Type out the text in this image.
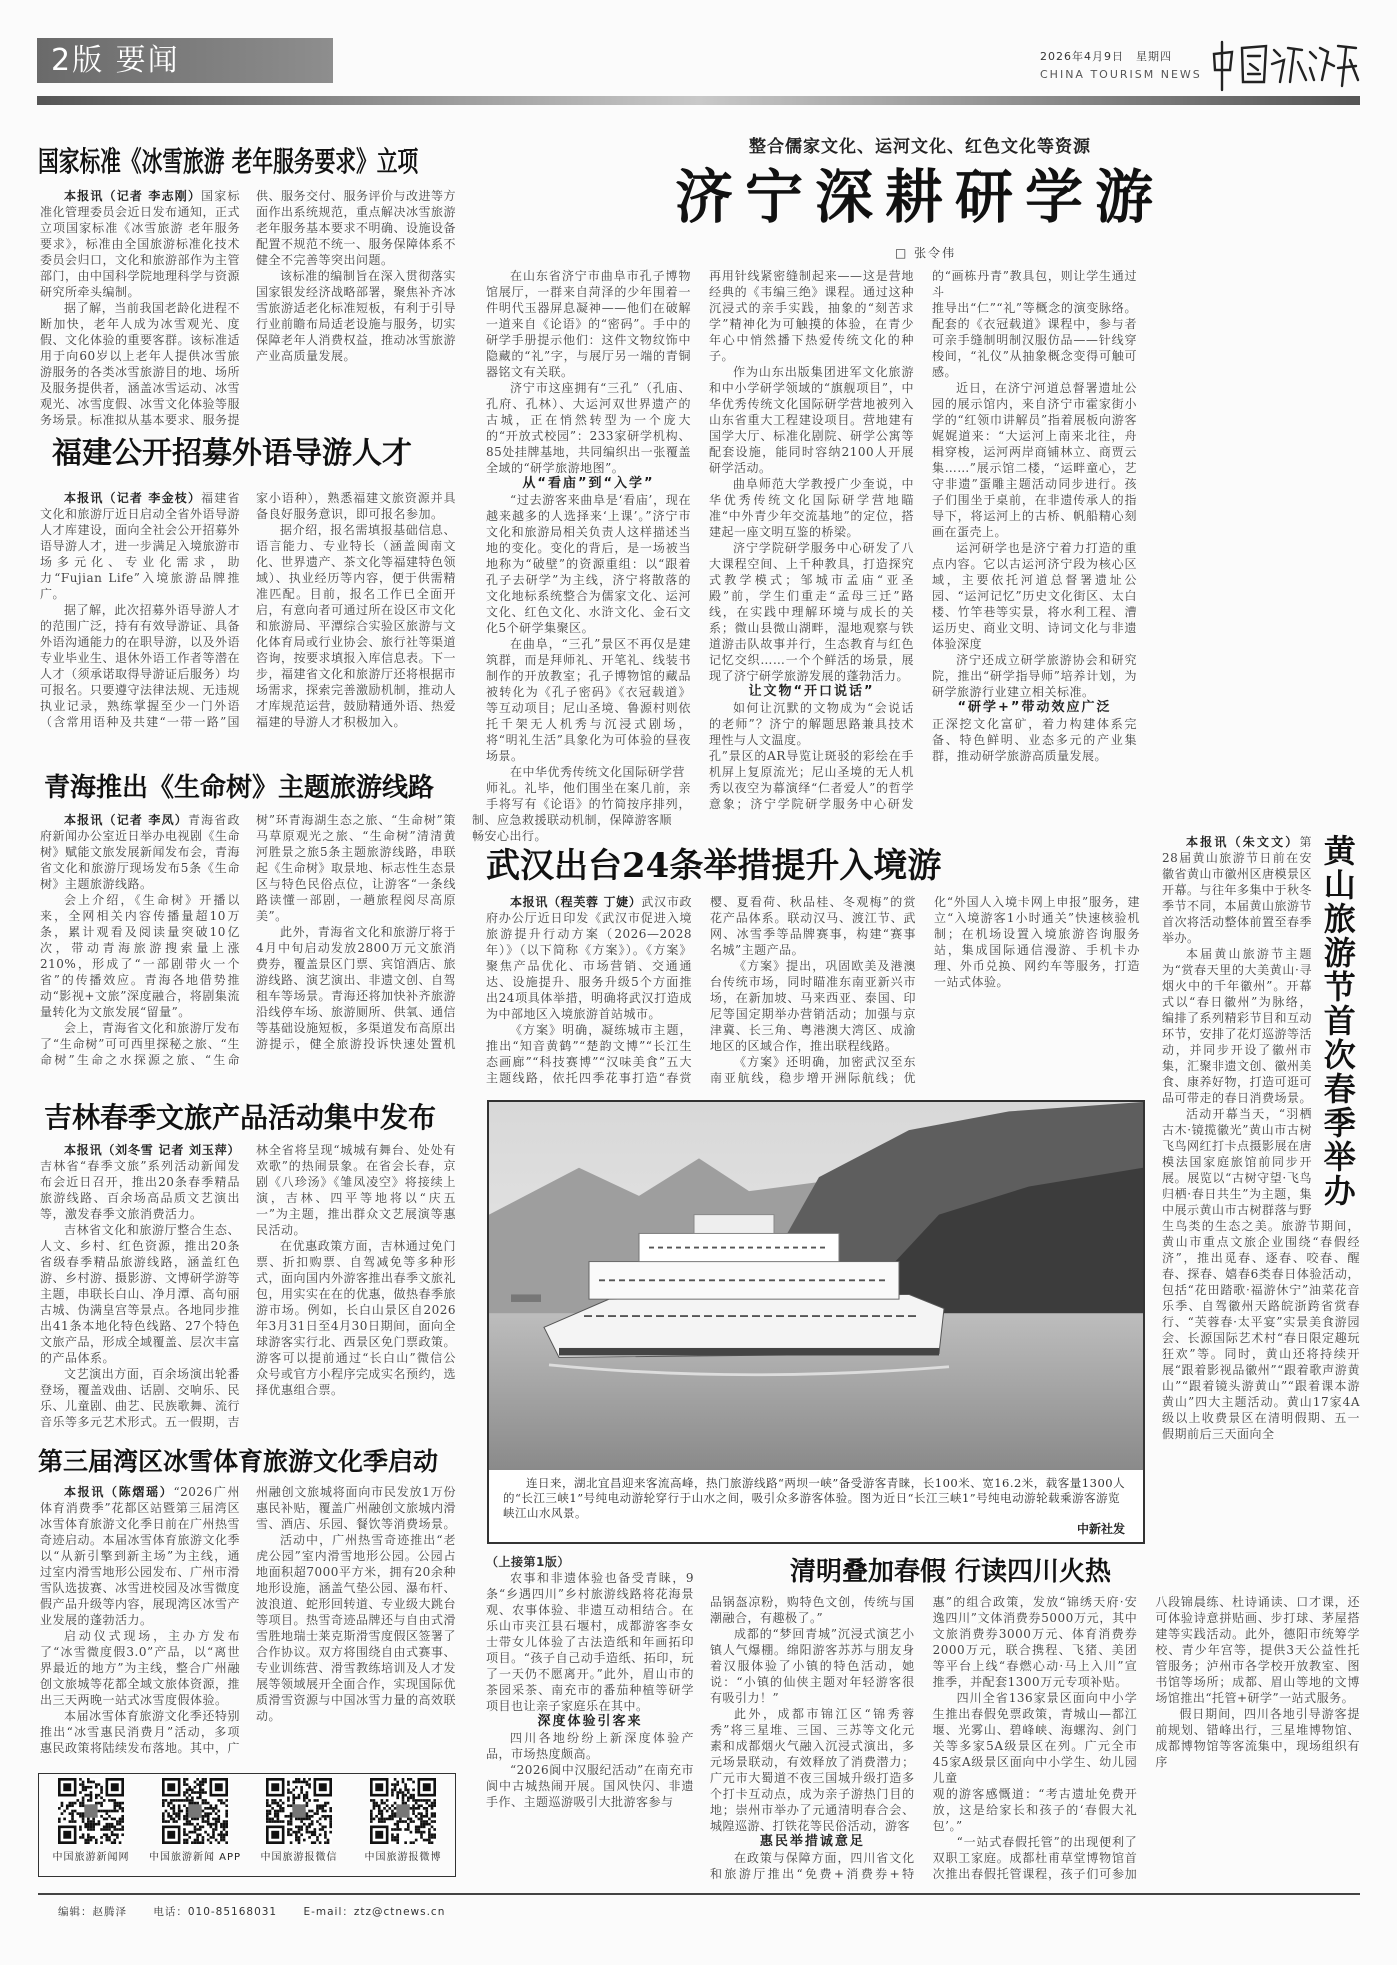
2版 要闻	2026年4月9日　星期四
CHINA TOURISM NEWS
国家标准《冰雪旅游 老年服务要求》立项

本报讯（记者 李志刚）国家标准化管理委员会近日发布通知，正式立项国家标准《冰雪旅游 老年服务要求》，标准由全国旅游标准化技术委员会归口，文化和旅游部作为主管部门，由中国科学院地理科学与资源研究所牵头编制。

据了解，当前我国老龄化进程不断加快，老年人成为冰雪观光、度假、文化体验的重要客群。该标准适用于向60岁以上老年人提供冰雪旅游服务的各类冰雪旅游目的地、场所及服务提供者，涵盖冰雪运动、冰雪观光、冰雪度假、冰雪文化体验等服务场景。标准拟从基本要求、服务提供、服务交付、服务评价与改进等方面作出系统规范，重点解决冰雪旅游老年服务基本要求不明确、设施设备配置不规范不统一、服务保障体系不健全不完善等突出问题。

该标准的编制旨在深入贯彻落实国家银发经济战略部署，聚焦补齐冰雪旅游适老化标准短板，有利于引导行业前瞻布局适老设施与服务，切实保障老年人消费权益，推动冰雪旅游产业高质量发展。

福建公开招募外语导游人才

本报讯（记者 李金枝）福建省文化和旅游厅近日启动全省外语导游人才库建设，面向全社会公开招募外语导游人才，进一步满足入境旅游市场多元化、专业化需求，助力“Fujian Life”入境旅游品牌推广。

据了解，此次招募外语导游人才的范围广泛，持有有效导游证、具备外语沟通能力的在职导游，以及外语专业毕业生、退休外语工作者等潜在人才（须承诺取得导游证后服务）均可报名。只要遵守法律法规、无违规执业记录，熟练掌握至少一门外语（含常用语种及共建“一带一路”国家小语种），熟悉福建文旅资源并具备良好服务意识，即可报名参加。

据介绍，报名需填报基础信息、语言能力、专业特长（涵盖闽南文化、世界遗产、茶文化等福建特色领域）、执业经历等内容，便于供需精准匹配。目前，报名工作已全面开启，有意向者可通过所在设区市文化和旅游局、平潭综合实验区旅游与文化体育局或行业协会、旅行社等渠道咨询，按要求填报入库信息表。下一步，福建省文化和旅游厅还将根据市场需求，探索完善激励机制，推动人才库规范运营，鼓励精通外语、热爱福建的导游人才积极加入。

青海推出《生命树》主题旅游线路

本报讯（记者 李凤）青海省政府新闻办公室近日举办电视剧《生命树》赋能文旅发展新闻发布会，青海省文化和旅游厅现场发布5条《生命树》主题旅游线路。

会上介绍，《生命树》开播以来，全网相关内容传播量超10万条，累计观看及阅读量突破10亿次，带动青海旅游搜索量上涨210%，形成了“一部剧带火一个省”的传播效应。青海各地借势推动“影视+文旅”深度融合，将剧集流量转化为文旅发展“留量”。

会上，青海省文化和旅游厅发布了“生命树”可可西里探秘之旅、“生命树”生命之水探源之旅、“生命树”环青海湖生态之旅、“生命树”策马草原观光之旅、“生命树”清清黄河胜景之旅5条主题旅游线路，串联起《生命树》取景地、标志性生态景区与特色民俗点位，让游客“一条线路读懂一部剧，一趟旅程阅尽高原美”。

此外，青海省文化和旅游厅将于4月中旬启动发放2800万元文旅消费券，覆盖景区门票、宾馆酒店、旅游线路、演艺演出、非遗文创、自驾租车等场景。青海还将加快补齐旅游沿线停车场、旅游厕所、供氧、通信等基础设施短板，多渠道发布高原出游提示，健全旅游投诉快速处置机制、应急救援联动机制，保障游客顺畅安心出行。

吉林春季文旅产品活动集中发布

本报讯（刘冬雪 记者 刘玉萍）吉林省“春季文旅”系列活动新闻发布会近日召开，推出20条春季精品旅游线路、百余场高品质文艺演出等，激发春季文旅消费活力。

吉林省文化和旅游厅整合生态、人文、乡村、红色资源，推出20条省级春季精品旅游线路，涵盖红色游、乡村游、摄影游、文博研学游等主题，串联长白山、净月潭、高句丽古城、伪满皇宫等景点。各地同步推出41条本地化特色线路、27个特色文旅产品，形成全域覆盖、层次丰富的产品体系。

文艺演出方面，百余场演出轮番登场，覆盖戏曲、话剧、交响乐、民乐、儿童剧、曲艺、民族歌舞、流行音乐等多元艺术形式。五一假期，吉林全省将呈现“城城有舞台、处处有欢歌”的热闹景象。在省会长春，京剧《八珍汤》《雏凤凌空》将接续上演，吉林、四平等地将以“庆五一”为主题，推出群众文艺展演等惠民活动。

在优惠政策方面，吉林通过免门票、折扣购票、自驾减免等多种形式，面向国内外游客推出春季文旅礼包，用实实在在的优惠，做热春季旅游市场。例如，长白山景区自2026年3月31日至4月30日期间，面向全球游客实行北、西景区免门票政策。游客可以提前通过“长白山”微信公众号或官方小程序完成实名预约，选择优惠组合票。

第三届湾区冰雪体育旅游文化季启动

本报讯（陈熠瑶）“2026广州体育消费季”花都区站暨第三届湾区冰雪体育旅游文化季日前在广州热雪奇迹启动。本届冰雪体育旅游文化季以“从新引擎到新主场”为主线，通过室内滑雪地形公园发布、广州市滑雪队选拔赛、冰雪进校园及冰雪微度假产品升级等内容，展现湾区冰雪产业发展的蓬勃活力。

启动仪式现场，主办方发布了“冰雪微度假3.0”产品，以“离世界最近的地方”为主线，整合广州融创文旅城等花都全域文旅体资源，推出三天两晚一站式冰雪度假体验。

本届冰雪体育旅游文化季还特别推出“冰雪惠民消费月”活动，多项惠民政策将陆续发布落地。其中，广州融创文旅城将面向市民发放1万份惠民补贴，覆盖广州融创文旅城内滑雪、酒店、乐园、餐饮等消费场景。

活动中，广州热雪奇迹推出“老虎公园”室内滑雪地形公园。公园占地面积超7000平方米，拥有20余种地形设施，涵盖气垫公园、瀑布杆、波浪道、蛇形回转道、专业级大跳台等项目。热雪奇迹品牌还与自由式滑雪胜地瑞士莱克斯滑雪度假区签署了合作协议。双方将围绕自由式赛事、专业训练营、滑雪教练培训及人才发展等领域展开全面合作，实现国际优质滑雪资源与中国冰雪力量的高效联动。

中国旅游新闻网 中国旅游新闻 APP 中国旅游报微信	中国旅游报微博
整合儒家文化、运河文化、红色文化等资源
济宁深耕研学游
□ 张令伟

在山东省济宁市曲阜市孔子博物馆展厅，一群来自菏泽的少年围着一件明代玉器屏息凝神——他们在破解一道来自《论语》的“密码”。手中的研学手册提示他们：这件文物纹饰中隐藏的“礼”字，与展厅另一端的青铜器铭文有关联。

济宁市这座拥有“三孔”（孔庙、孔府、孔林）、大运河双世界遗产的古城，正在悄然转型为一个庞大的“开放式校园”：233家研学机构、85处挂牌基地，共同编织出一张覆盖全域的“研学旅游地图”。

从“看庙”到“入学”

“过去游客来曲阜是‘看庙’，现在越来越多的人选择来‘上课’。”济宁市文化和旅游局相关负责人这样描述当地的变化。变化的背后，是一场被当地称为“破壁”的资源重组：以“跟着孔子去研学”为主线，济宁将散落的文化地标系统整合为儒家文化、运河文化、红色文化、水浒文化、金石文化5个研学集聚区。

在曲阜，“三孔”景区不再仅是建筑群，而是拜师礼、开笔礼、线装书制作的开放教室；孔子博物馆的藏品被转化为《孔子密码》《衣冠载道》等互动项目；尼山圣境、鲁源村则依托千架无人机秀与沉浸式剧场，将“明礼生活”具象化为可体验的昼夜场景。

在中华优秀传统文化国际研学营

师礼。礼毕，他们围坐在案几前，亲手将写有《论语》的竹简按序排列，再用针线紧密缝制起来——这是营地经典的《韦编三绝》课程。通过这种沉浸式的亲手实践，抽象的“刻苦求学”精神化为可触摸的体验，在青少年心中悄然播下热爱传统文化的种子。

作为山东出版集团进军文化旅游和中小学研学领域的“旗舰项目”，中华优秀传统文化国际研学营地被列入山东省重大工程建设项目。营地建有国学大厅、标准化剧院、研学公寓等配套设施，能同时容纳2100人开展研学活动。

曲阜师范大学教授广少奎说，中华优秀传统文化国际研学营地瞄准“中外青少年交流基地”的定位，搭建起一座文明互鉴的桥梁。

济宁学院研学服务中心研发了八大课程空间、上千种教具，打造探究式教学模式；邹城市孟庙“亚圣殿”前，学生们重走“孟母三迁”路线，在实践中理解环境与成长的关系；微山县微山湖畔，湿地观察与铁道游击队故事并行，生态教育与红色记忆交织……一个个鲜活的场景，展现了济宁研学旅游发展的蓬勃活力。

让文物“开口说话”

如何让沉默的文物成为“会说话的老师”？济宁的解题思路兼具技术理性与人文温度。

孔”景区的AR导览让斑驳的彩绘在手机屏上复原流光；尼山圣境的无人机秀以夜空为幕演绎“仁者爱人”的哲学意象；济宁学院研学服务中心研发的“画栋丹青”教具包，则让学生通过斗

推导出“仁”“礼”等概念的演变脉络。配套的《衣冠载道》课程中，参与者可亲手缝制明制汉服仿品——针线穿梭间，“礼仪”从抽象概念变得可触可感。

近日，在济宁河道总督署遗址公园的展示馆内，来自济宁市霍家街小学的“红领巾讲解员”指着展板向游客娓娓道来：“大运河上南来北往，舟楫穿梭，运河两岸商铺林立、商贾云集……”展示馆二楼，“运畔童心，艺守非遗”蛋雕主题活动同步进行。孩子们围坐于桌前，在非遗传承人的指导下，将运河上的古桥、帆船精心刻画在蛋壳上。

运河研学也是济宁着力打造的重点内容。它以古运河济宁段为核心区域，主要依托河道总督署遗址公园、“运河记忆”历史文化街区、太白楼、竹竿巷等实景，将水利工程、漕运历史、商业文明、诗词文化与非遗体验深度

济宁还成立研学旅游协会和研究院，推出“研学指导师”培养计划，为研学旅游行业建立相关标准。

“研学+”带动效应广泛

正深挖文化富矿，着力构建体系完备、特色鲜明、业态多元的产业集群，推动研学旅游高质量发展。

武汉出台24条举措提升入境游

本报讯（程芙蓉 丁婕）武汉市政府办公厅近日印发《武汉市促进入境旅游提升行动方案（2026—2028年）》（以下简称《方案》）。《方案》聚焦产品优化、市场营销、交通通达、设施提升、服务升级5个方面推出24项具体举措，明确将武汉打造成为中部地区入境旅游首站城市。

《方案》明确，凝练城市主题，推出“知音黄鹤”“楚韵文博”“长江生态画廊”“科技赛博”“汉味美食”五大主题线路，依托四季花事打造“春赏樱、夏看荷、秋品桂、冬观梅”的赏花产品体系。联动汉马、渡江节、武网、冰雪季等品牌赛事，构建“赛事名城”主题产品。

《方案》提出，巩固欧美及港澳台传统市场，同时瞄准东南亚新兴市场，在新加坡、马来西亚、泰国、印尼等国定期举办营销活动；加强与京津冀、长三角、粤港澳大湾区、成渝地区的区域合作，推出联程线路。

《方案》还明确，加密武汉至东南亚航线，稳步增开洲际航线；优化“外国人入境卡网上申报”服务，建立“入境游客1小时通关”快速核验机制；在机场设置入境旅游咨询服务站，集成国际通信漫游、手机卡办理、外币兑换、网约车等服务，打造一站式体验。

连日来，湖北宜昌迎来客流高峰，热门旅游线路“两坝一峡”备受游客青睐，长100米、宽16.2米，载客量1300人的“长江三峡1”号纯电动游轮穿行于山水之间，吸引众多游客体验。图为近日“长江三峡1”号纯电动游轮载乘游客游览峡江山水风景。
中新社发
黄山旅游节首次春季举办

本报讯（朱文文）第28届黄山旅游节日前在安徽省黄山市徽州区唐模景区开幕。与往年多集中于秋冬季节不同，本届黄山旅游节首次将活动整体前置至春季举办。

本届黄山旅游节主题为“赏春天里的大美黄山·寻烟火中的千年徽州”。开幕式以“春日徽州”为脉络，编排了系列精彩节目和互动环节，安排了花灯巡游等活动，并同步开设了徽州市集，汇聚非遗文创、徽州美食、康养好物，打造可逛可品可带走的春日消费场景。

活动开幕当天，“羽栖古木·镜揽徽光”黄山市古树飞鸟网红打卡点摄影展在唐模法国家庭旅馆前同步开展。展览以“古树守望·飞鸟归栖·春日共生”为主题，集中展示黄山市古树群落与野生鸟类的生态之美。旅游节期间，黄山市重点文旅企业围绕“春假经济”，推出觅春、逐春、咬春、醒春、探春、嬉春6类春日体验活动，包括“花田踏歌·福游休宁”油菜花音乐季、自驾徽州天路皖浙跨省赏春行、“芙蓉春·太平宴”实景美食游园会、长源国际艺术村“春日限定趣玩狂欢”等。同时，黄山还将持续开展“跟着影视品徽州”“跟着歌声游黄山”“跟着镜头游黄山”“跟着课本游黄山”四大主题活动。黄山17家4A级以上收费景区在清明假期、五一假期前后三天面向全

（上接第1版）

农事和非遗体验也备受青睐，9条“乡遇四川”乡村旅游线路将花海景观、农事体验、非遗互动相结合。在乐山市夹江县石堰村，成都游客李女士带女儿体验了古法造纸和年画拓印项目。“孩子自己动手造纸、拓印，玩了一天仍不愿离开。”此外，眉山市的茶园采茶、南充市的番茄种植等研学项目也让亲子家庭乐在其中。

深度体验引客来

四川各地纷纷上新深度体验产品，市场热度颇高。

“2026阆中汉服纪活动”在南充市阆中古城热闹开展。国风快闪、非遗手作、主题巡游吸引大批游客参与

清明叠加春假 行读四川火热

品锅盔凉粉，购特色文创，传统与国潮融合，有趣极了。”

成都的“梦回青城”沉浸式演艺小镇人气爆棚。绵阳游客苏苏与朋友身着汉服体验了小镇的特色活动，她说：“小镇的仙侠主题对年轻游客很有吸引力！”

此外，成都市锦江区“锦秀蓉秀”将三星堆、三国、三苏等文化元素和成都烟火气融入沉浸式演出，多元场景联动，有效释放了消费潜力；广元市大蜀道不夜三国城升级打造多个打卡互动点，成为亲子游热门目的地；崇州市举办了元通清明春合会、城隍巡游、打铁花等民俗活动，游客

惠民举措诚意足

在政策与保障方面，四川省文化和旅游厅推出“免费+消费券+特惠”的组合政策，发放“锦绣天府·安逸四川”文体消费券5000万元，其中文旅消费券3000万元、体育消费券2000万元，联合携程、飞猪、美团等平台上线“春燃心动·马上入川”宣推季，并配套1300万元专项补贴。

四川全省136家景区面向中小学生推出春假免票政策，青城山—都江堰、光雾山、碧峰峡、海螺沟、剑门关等多家5A级景区在列。广元全市45家A级景区面向中小学生、幼儿园儿童

观的游客感慨道：“考古遗址免费开放，这是给家长和孩子的‘春假大礼包’。”

“一站式春假托管”的出现便利了双职工家庭。成都杜甫草堂博物馆首次推出春假托管课程，孩子们可参加八段锦晨练、杜诗诵读、口才课，还可体验诗意拼贴画、步打球、茅屋搭建等实践活动。此外，德阳市统筹学校、青少年宫等，提供3天公益性托管服务；泸州市各学校开放教室、图书馆等场所；成都、眉山等地的文博场馆推出“托管+研学”一站式服务。

假日期间，四川各地引导游客提前规划、错峰出行，三星堆博物馆、成都博物馆等客流集中，现场组织有序

编辑：赵腾泽	电话：010-85168031	E-mail：ztz@ctnews.cn
